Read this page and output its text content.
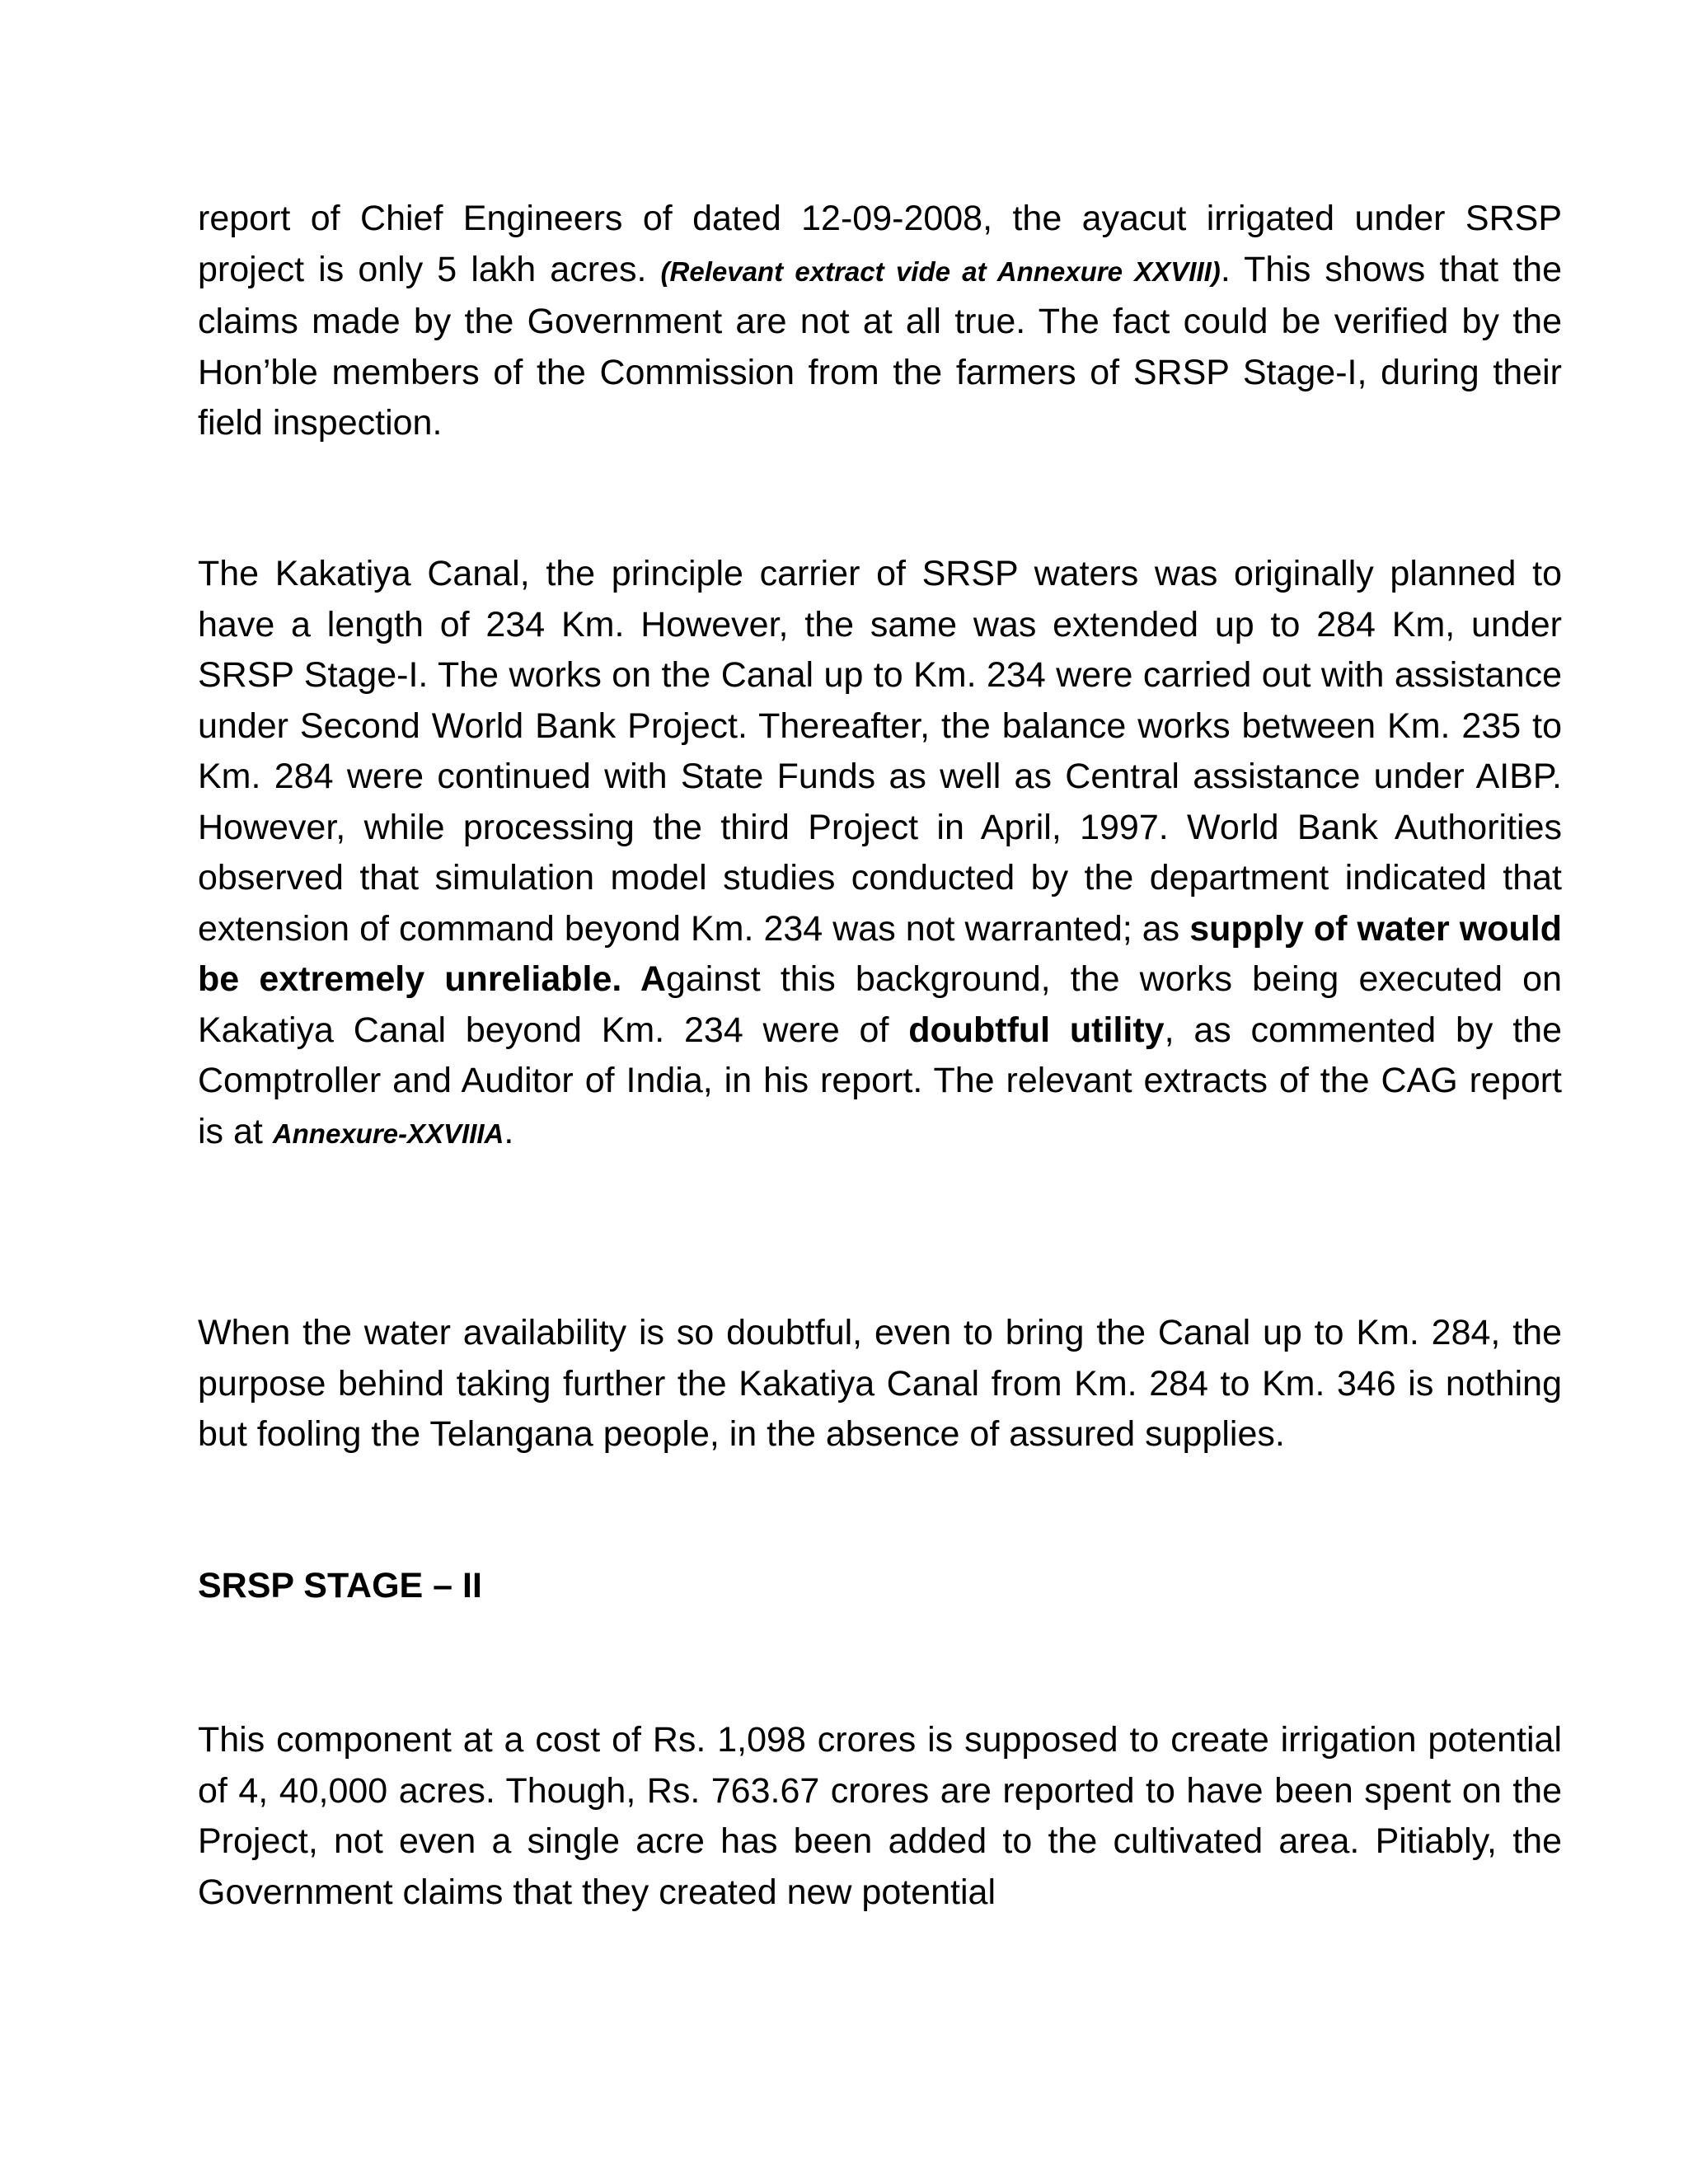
report of Chief Engineers of dated 12-09-2008, the ayacut irrigated under SRSP project is only 5 lakh acres. (Relevant extract vide at Annexure XXVIII). This shows that the claims made by the Government are not at all true. The fact could be verified by the Hon’ble members of the Commission from the farmers of SRSP Stage-I, during their field inspection.

The Kakatiya Canal, the principle carrier of SRSP waters was originally planned to have a length of 234 Km. However, the same was extended up to 284 Km, under SRSP Stage-I. The works on the Canal up to Km. 234 were carried out with assistance under Second World Bank Project. Thereafter, the balance works between Km. 235 to Km. 284 were continued with State Funds as well as Central assistance under AIBP. However, while processing the third Project in April, 1997. World Bank Authorities observed that simulation model studies conducted by the department indicated that extension of command beyond Km. 234 was not warranted; as supply of water would be extremely unreliable. Against this background, the works being executed on Kakatiya Canal beyond Km. 234 were of doubtful utility, as commented by the Comptroller and Auditor of India, in his report. The relevant extracts of the CAG report is at Annexure-XXVIIIA.

When the water availability is so doubtful, even to bring the Canal up to Km. 284, the purpose behind taking further the Kakatiya Canal from Km. 284 to Km. 346 is nothing but fooling the Telangana people, in the absence of assured supplies.

SRSP STAGE – II

This component at a cost of Rs. 1,098 crores is supposed to create irrigation potential of 4, 40,000 acres. Though, Rs. 763.67 crores are reported to have been spent on the Project, not even a single acre has been added to the cultivated area. Pitiably, the Government claims that they created new potential
